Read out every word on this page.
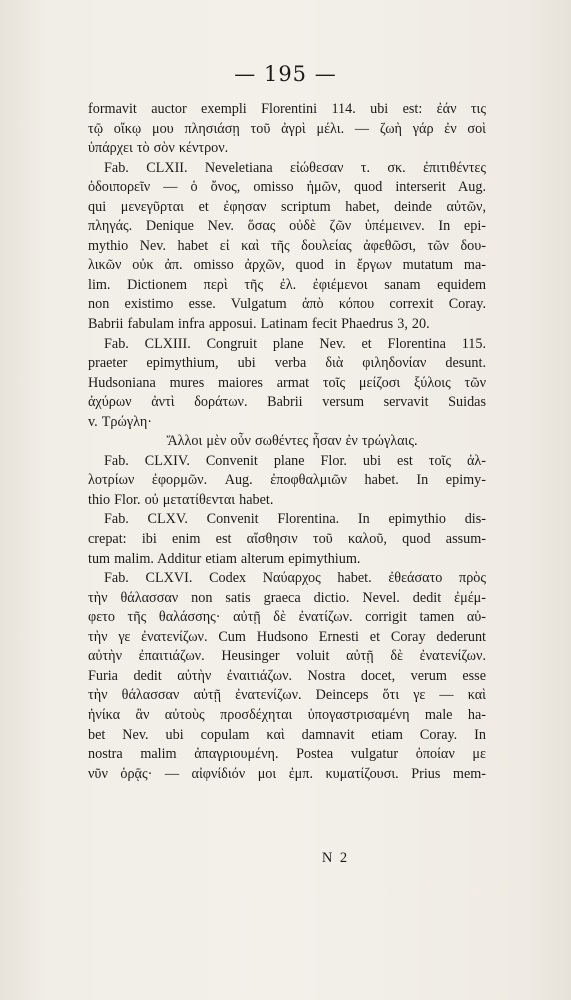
— 195 —
formavit auctor exempli Florentini 114. ubi est: ἐάν τις
τῷ οἴκῳ μου πλησιάσῃ τοῦ ἀγρὶ μέλι. — ζωὴ γάρ ἐν σοὶ
ὑπάρχει τὸ σὸν κέντρον.
Fab. CLXII. Neveletiana εἰώθεσαν τ. σκ. ἐπιτιθέντες
ὁδοιπορεῖν — ὁ ὄνος, omisso ἡμῶν, quod interserit Aug.
qui μενεγῦρται et ἐφησαν scriptum habet, deinde αὐτῶν,
πληγάς. Denique Nev. ὅσας οὐδὲ ζῶν ὑπέμεινεν. In epi-
mythio Nev. habet εἰ καὶ τῆς δουλείας ἀφεθῶσι, τῶν δου-
λικῶν οὐκ ἀπ. omisso ἀρχῶν, quod in ἔργων mutatum ma-
lim. Dictionem περὶ τῆς ἐλ. ἐφιέμενοι sanam equidem
non existimo esse. Vulgatum ἀπὸ κόπου correxit Coray.
Babrii fabulam infra apposui. Latinam fecit Phaedrus 3, 20.
Fab. CLXIII. Congruit plane Nev. et Florentina 115.
praeter epimythium, ubi verba διὰ φιληδονίαν desunt.
Hudsoniana mures maiores armat τοῖς μείζοσι ξύλοις τῶν
ἀχύρων ἀντὶ δοράτων. Babrii versum servavit Suidas
v. Τρώγλη·
Ἄλλοι μὲν οὖν σωθέντες ἦσαν ἐν τρώγλαις.
Fab. CLXIV. Convenit plane Flor. ubi est τοῖς ἀλ-
λοτρίων ἐφορμῶν. Aug. ἐποφθαλμιῶν habet. In epimy-
thio Flor. οὐ μετατίθενται habet.
Fab. CLXV. Convenit Florentina. In epimythio dis-
crepat: ibi enim est αἴσθησιν τοῦ καλοῦ, quod assum-
tum malim. Additur etiam alterum epimythium.
Fab. CLXVI. Codex Ναύαρχος habet. ἐθεάσατο πρὸς
τὴν θάλασσαν non satis graeca dictio. Nevel. dedit ἐμέμ-
φετο τῆς θαλάσσης· αὐτῇ δὲ ἐνατίζων. corrigit tamen αὐ-
τὴν γε ἐνατενίζων. Cum Hudsono Ernesti et Coray dederunt
αὐτὴν ἐπαιτιάζων. Heusinger voluit αὐτῇ δὲ ἐνατενίζων.
Furia dedit αὐτὴν ἐναιτιάζων. Nostra docet, verum esse
τὴν θάλασσαν αὐτῇ ἐνατενίζων. Deinceps ὅτι γε — καὶ
ἡνίκα ἂν αὐτοὺς προσδέχηται ὑπογαστρισαμένη male ha-
bet Nev. ubi copulam καὶ damnavit etiam Coray. In
nostra malim ἀπαγριουμένη. Postea vulgatur ὁποίαν με
νῦν ὁρᾷς· — αἰφνίδιόν μοι ἐμπ. κυματίζουσι. Prius mem-
N 2
